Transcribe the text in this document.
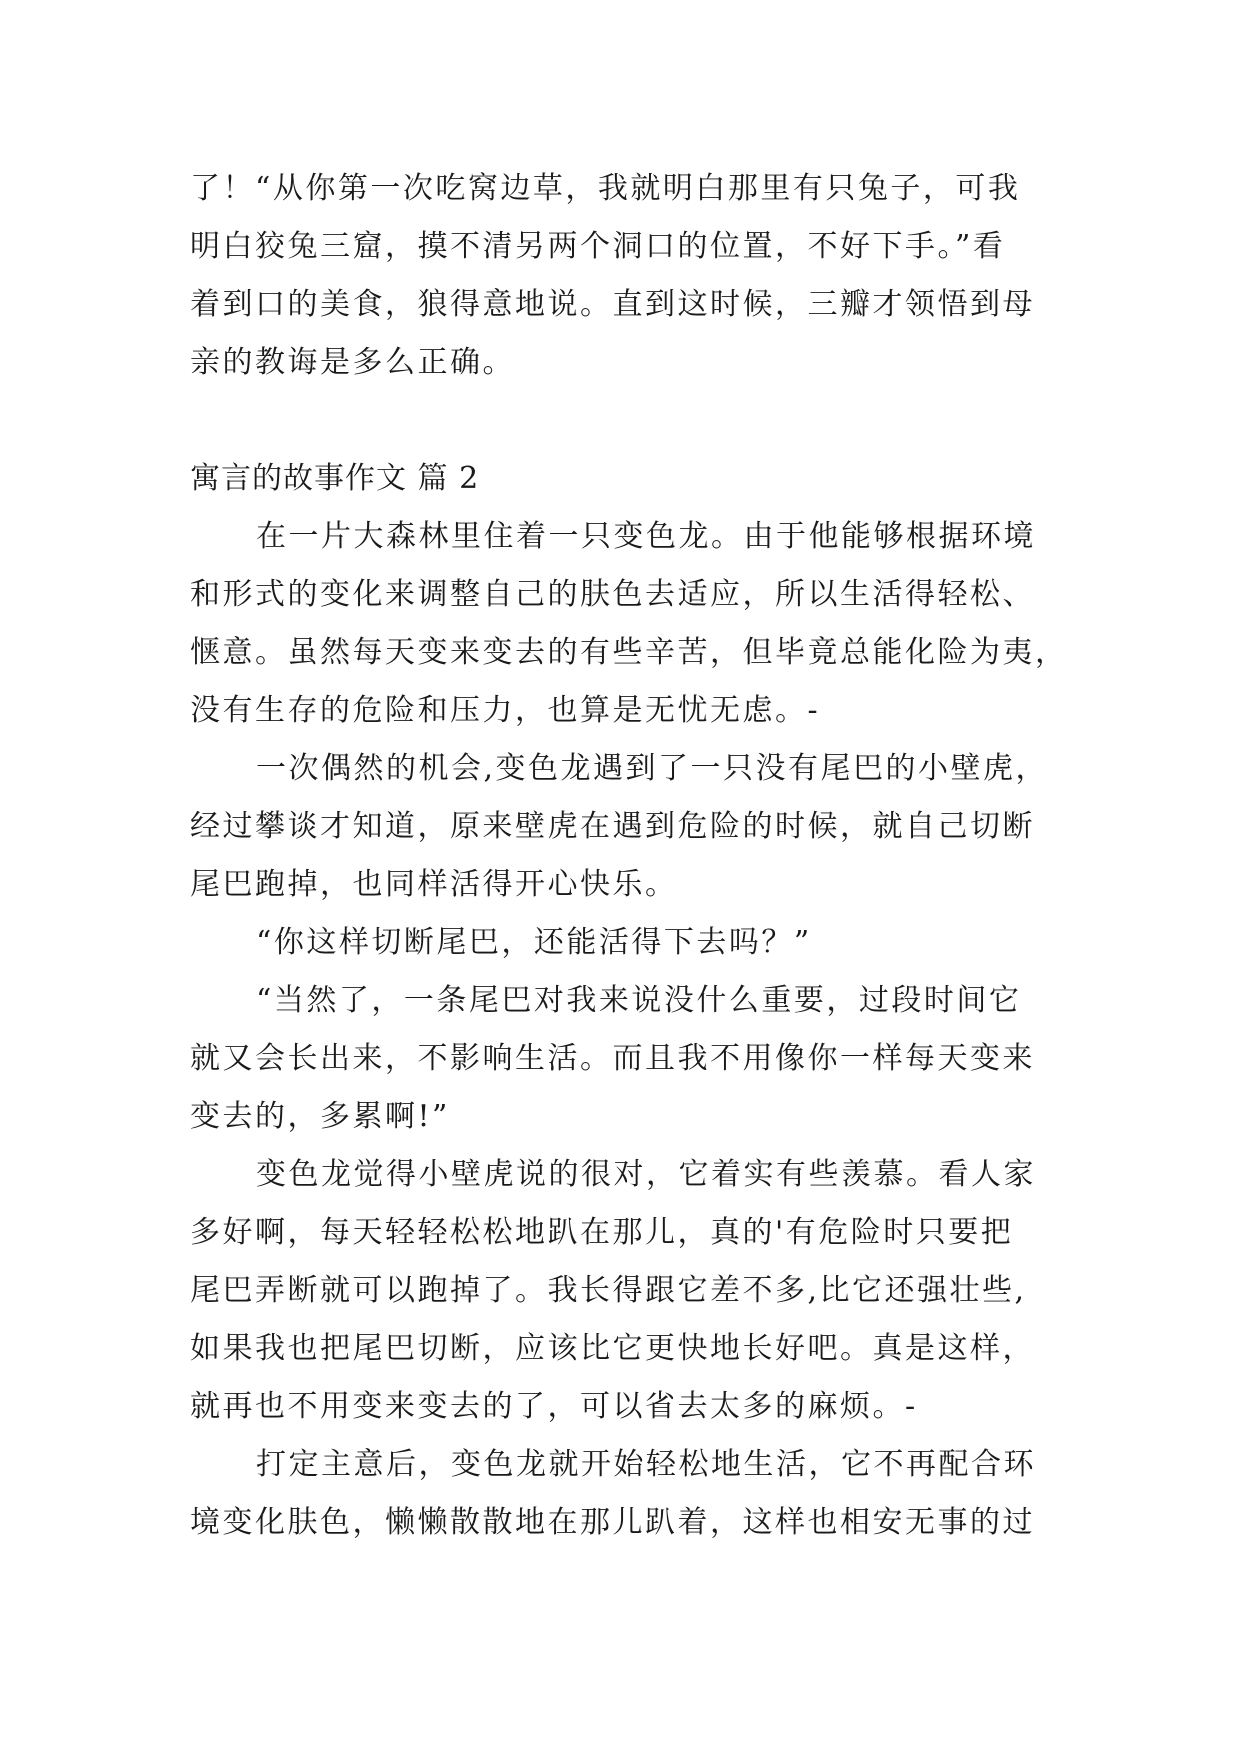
了！“从你第一次吃窝边草，我就明白那里有只兔子，可我
明白狡兔三窟，摸不清另两个洞口的位置，不好下手。”看
着到口的美食，狼得意地说。直到这时候，三瓣才领悟到母
亲的教诲是多么正确。
寓言的故事作文 篇 2
在一片大森林里住着一只变色龙。由于他能够根据环境
和形式的变化来调整自己的肤色去适应，所以生活得轻松、
惬意。虽然每天变来变去的有些辛苦，但毕竟总能化险为夷，
没有生存的危险和压力，也算是无忧无虑。-
一次偶然的机会,变色龙遇到了一只没有尾巴的小壁虎，
经过攀谈才知道，原来壁虎在遇到危险的时候，就自己切断
尾巴跑掉，也同样活得开心快乐。
“你这样切断尾巴，还能活得下去吗？”
“当然了，一条尾巴对我来说没什么重要，过段时间它
就又会长出来，不影响生活。而且我不用像你一样每天变来
变去的，多累啊!”
变色龙觉得小壁虎说的很对，它着实有些羡慕。看人家
多好啊，每天轻轻松松地趴在那儿，真的'有危险时只要把
尾巴弄断就可以跑掉了。我长得跟它差不多,比它还强壮些,
如果我也把尾巴切断，应该比它更快地长好吧。真是这样，
就再也不用变来变去的了，可以省去太多的麻烦。-
打定主意后，变色龙就开始轻松地生活，它不再配合环
境变化肤色，懒懒散散地在那儿趴着，这样也相安无事的过
